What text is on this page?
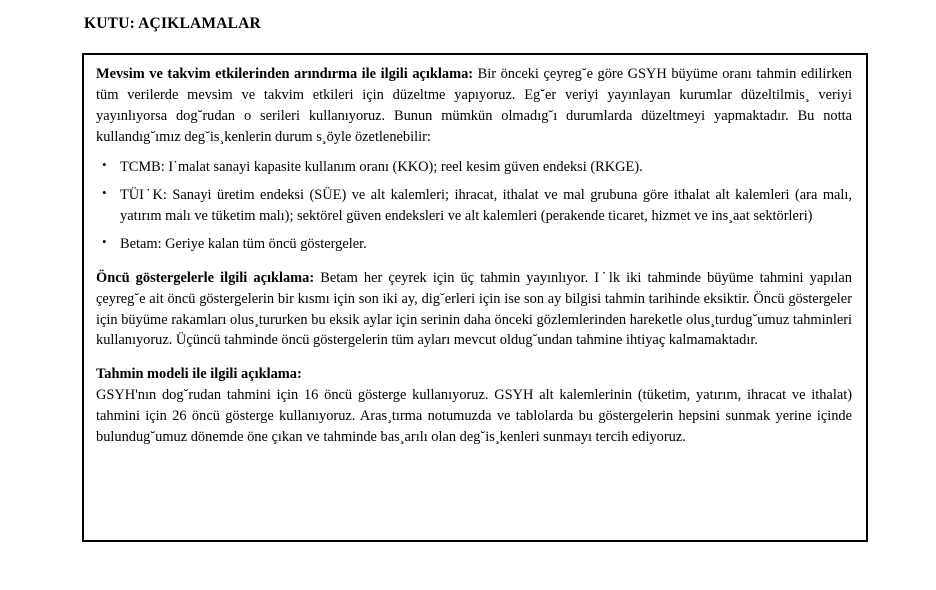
KUTU: AÇIKLAMALAR

Mevsim ve takvim etkilerinden arındırma ile ilgili açıklama: Bir önceki çeyreg˘e göre GSYH büyüme oranı tahmin edilirken tüm verilerde mevsim ve takvim etkileri için düzeltme yapıyoruz. Eg˘er veriyi yayınlayan kurumlar düzeltilmis¸ veriyi yayınlıyorsa dog˘rudan o serileri kullanıyoruz. Bunun mümkün olmadıg˘ı durumlarda düzeltmeyi yapmaktadır. Bu notta kullandıg˘ımız deg˘is¸kenlerin durum s¸öyle özetlenebilir:

• TCMB: I˙malat sanayi kapasite kullanım oranı (KKO); reel kesim güven endeksi (RKGE).
• TÜI˙K: Sanayi üretim endeksi (SÜE) ve alt kalemleri; ihracat, ithalat ve mal grubuna göre ithalat alt kalemleri (ara malı, yatırım malı ve tüketim malı); sektörel güven endeksleri ve alt kalemleri (perakende ticaret, hizmet ve ins¸aat sektörleri)
• Betam: Geriye kalan tüm öncü göstergeler.

Öncü göstergelerle ilgili açıklama: Betam her çeyrek için üç tahmin yayınlıyor. I˙lk iki tahminde büyüme tahmini yapılan çeyreg˘e ait öncü göstergelerin bir kısmı için son iki ay, dig˘erleri için ise son ay bilgisi tahmin tarihinde eksiktir. Öncü göstergeler için büyüme rakamları olus¸tururken bu eksik aylar için serinin daha önceki gözlemlerinden hareketle olus¸turdug˘umuz tahminleri kullanıyoruz. Üçüncü tahminde öncü göstergelerin tüm ayları mevcut oldug˘undan tahmine ihtiyaç kalmamaktadır.

Tahmin modeli ile ilgili açıklama:

GSYH'nın dog˘rudan tahmini için 16 öncü gösterge kullanıyoruz. GSYH alt kalemlerinin (tüketim, yatırım, ihracat ve ithalat) tahmini için 26 öncü gösterge kullanıyoruz. Aras¸tırma notumuzda ve tablolarda bu göstergelerin hepsini sunmak yerine içinde bulundug˘umuz dönemde öne çıkan ve tahminde bas¸arılı olan deg˘is¸kenleri sunmayı tercih ediyoruz.
